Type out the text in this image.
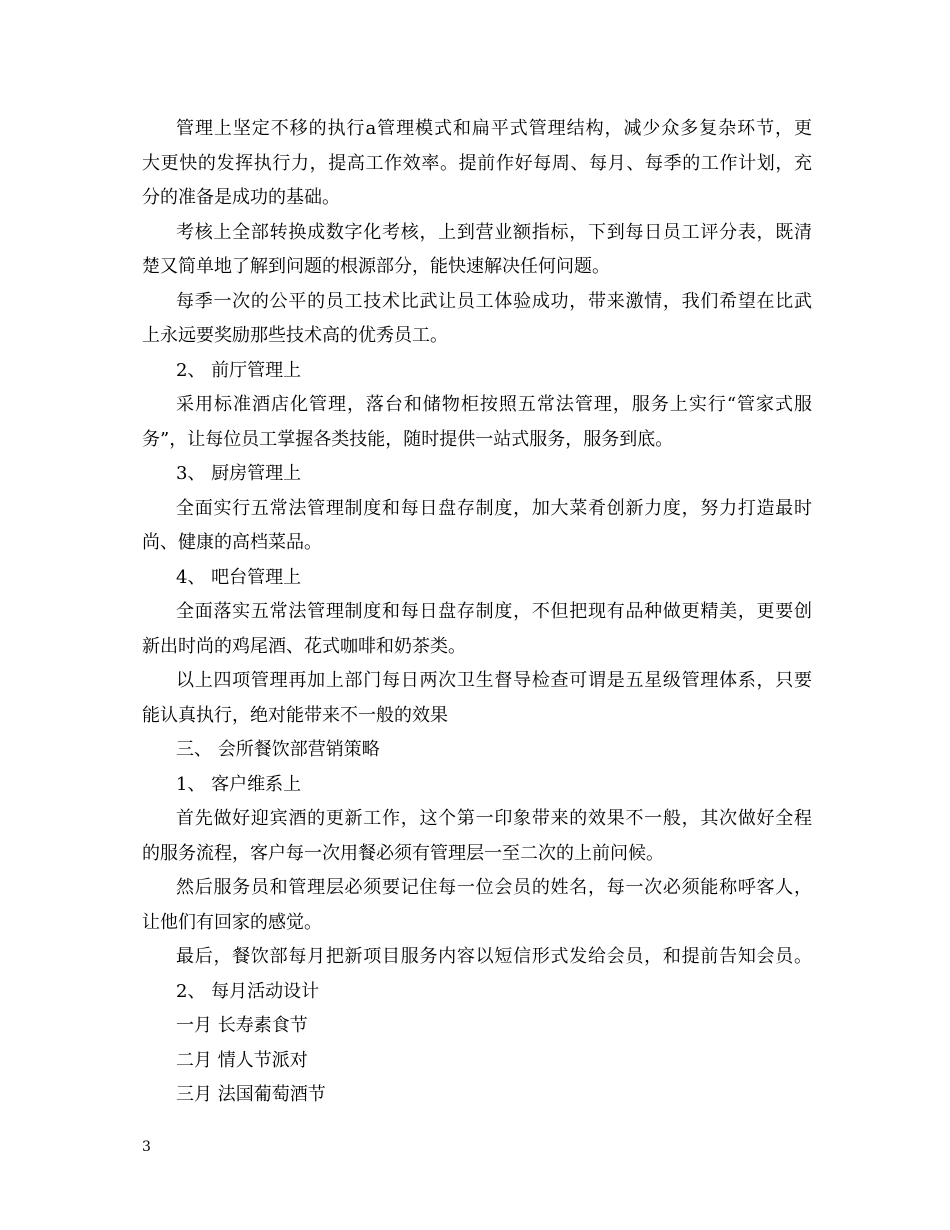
管理上坚定不移的执行a管理模式和扁平式管理结构，减少众多复杂环节，更
大更快的发挥执行力，提高工作效率。提前作好每周、每月、每季的工作计划，充
分的准备是成功的基础。
考核上全部转换成数字化考核，上到营业额指标，下到每日员工评分表，既清
楚又简单地了解到问题的根源部分，能快速解决任何问题。
每季一次的公平的员工技术比武让员工体验成功，带来激情，我们希望在比武
上永远要奖励那些技术高的优秀员工。
2、 前厅管理上
采用标准酒店化管理，落台和储物柜按照五常法管理，服务上实行“管家式服
务”，让每位员工掌握各类技能，随时提供一站式服务，服务到底。
3、 厨房管理上
全面实行五常法管理制度和每日盘存制度，加大菜肴创新力度，努力打造最时
尚、健康的高档菜品。
4、 吧台管理上
全面落实五常法管理制度和每日盘存制度，不但把现有品种做更精美，更要创
新出时尚的鸡尾酒、花式咖啡和奶茶类。
以上四项管理再加上部门每日两次卫生督导检查可谓是五星级管理体系，只要
能认真执行，绝对能带来不一般的效果
三、 会所餐饮部营销策略
1、 客户维系上
首先做好迎宾酒的更新工作，这个第一印象带来的效果不一般，其次做好全程
的服务流程，客户每一次用餐必须有管理层一至二次的上前问候。
然后服务员和管理层必须要记住每一位会员的姓名，每一次必须能称呼客人，
让他们有回家的感觉。
最后，餐饮部每月把新项目服务内容以短信形式发给会员，和提前告知会员。
2、 每月活动设计
一月 长寿素食节
二月 情人节派对
三月 法国葡萄酒节
3
